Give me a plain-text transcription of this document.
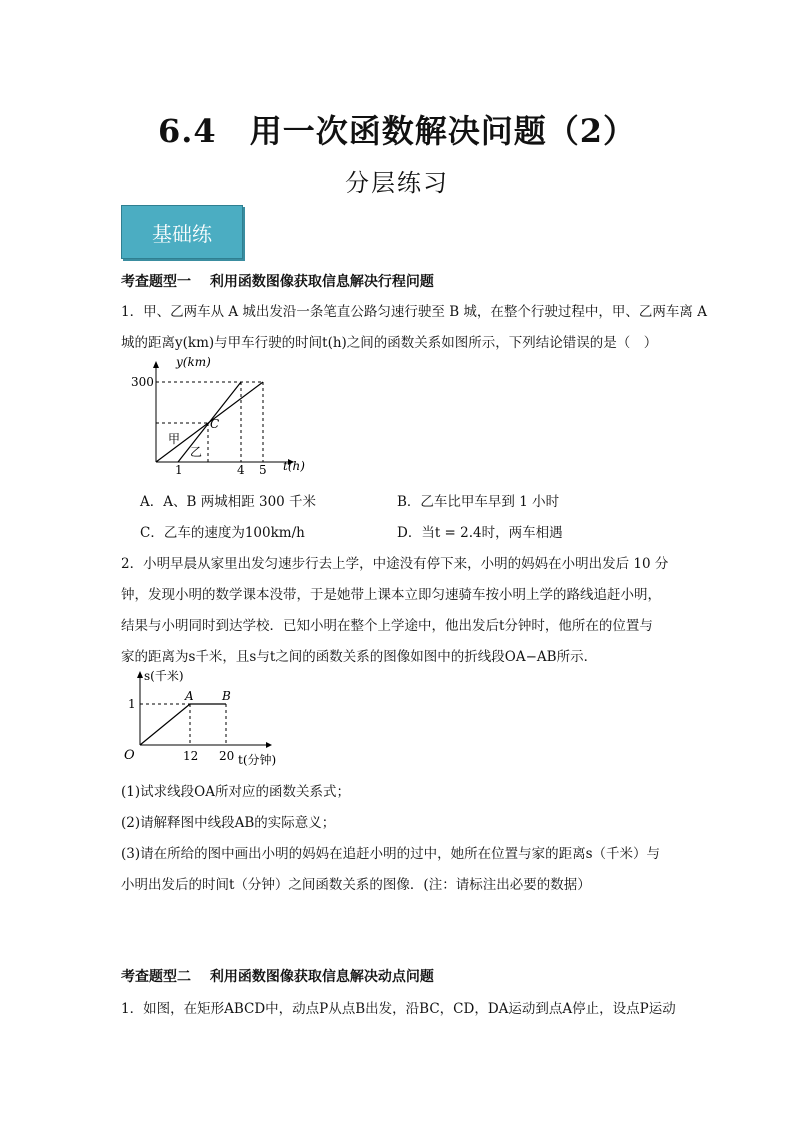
6.4　用一次函数解决问题（2）
分层练习
基础练
考查题型一　 利用函数图像获取信息解决行程问题
1．甲、乙两车从 A 城出发沿一条笔直公路匀速行驶至 B 城，在整个行驶过程中，甲、乙两车离 A
城的距离y(km)与甲车行驶的时间t(h)之间的函数关系如图所示，下列结论错误的是（　）
y(km)
t(h)
300
1	4 5
甲
乙
C
A．A、B 两城相距 300 千米	B．乙车比甲车早到 1 小时
C．乙车的速度为100km/h	D．当t = 2.4时，两车相遇
2．小明早晨从家里出发匀速步行去上学，中途没有停下来，小明的妈妈在小明出发后 10 分
钟，发现小明的数学课本没带，于是她带上课本立即匀速骑车按小明上学的路线追赶小明，
结果与小明同时到达学校．已知小明在整个上学途中，他出发后t分钟时，他所在的位置与
家的距离为s千米，且s与t之间的函数关系的图像如图中的折线段OA−AB所示．
s(千米)
t(分钟)
1
12 20
O
A B
(1)试求线段OA所对应的函数关系式；
(2)请解释图中线段AB的实际意义；
(3)请在所给的图中画出小明的妈妈在追赶小明的过中，她所在位置与家的距离s（千米）与
小明出发后的时间t（分钟）之间函数关系的图像．(注：请标注出必要的数据）
考查题型二　 利用函数图像获取信息解决动点问题
1．如图，在矩形ABCD中，动点P从点B出发，沿BC，CD，DA运动到点A停止，设点P运动
